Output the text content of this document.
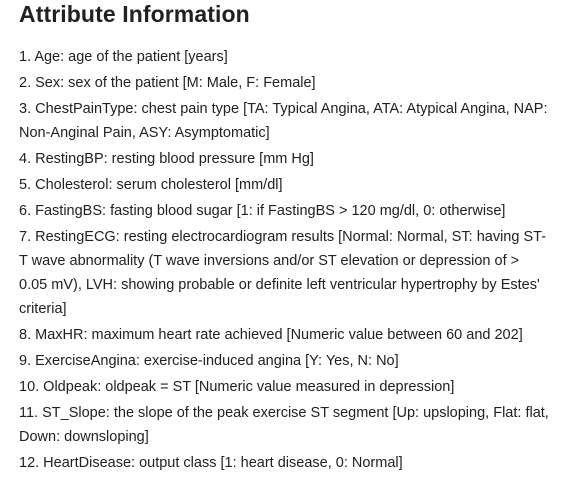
Attribute Information
1. Age: age of the patient [years]
2. Sex: sex of the patient [M: Male, F: Female]
3. ChestPainType: chest pain type [TA: Typical Angina, ATA: Atypical Angina, NAP: Non-Anginal Pain, ASY: Asymptomatic]
4. RestingBP: resting blood pressure [mm Hg]
5. Cholesterol: serum cholesterol [mm/dl]
6. FastingBS: fasting blood sugar [1: if FastingBS > 120 mg/dl, 0: otherwise]
7. RestingECG: resting electrocardiogram results [Normal: Normal, ST: having ST-T wave abnormality (T wave inversions and/or ST elevation or depression of > 0.05 mV), LVH: showing probable or definite left ventricular hypertrophy by Estes' criteria]
8. MaxHR: maximum heart rate achieved [Numeric value between 60 and 202]
9. ExerciseAngina: exercise-induced angina [Y: Yes, N: No]
10. Oldpeak: oldpeak = ST [Numeric value measured in depression]
11. ST_Slope: the slope of the peak exercise ST segment [Up: upsloping, Flat: flat, Down: downsloping]
12. HeartDisease: output class [1: heart disease, 0: Normal]
